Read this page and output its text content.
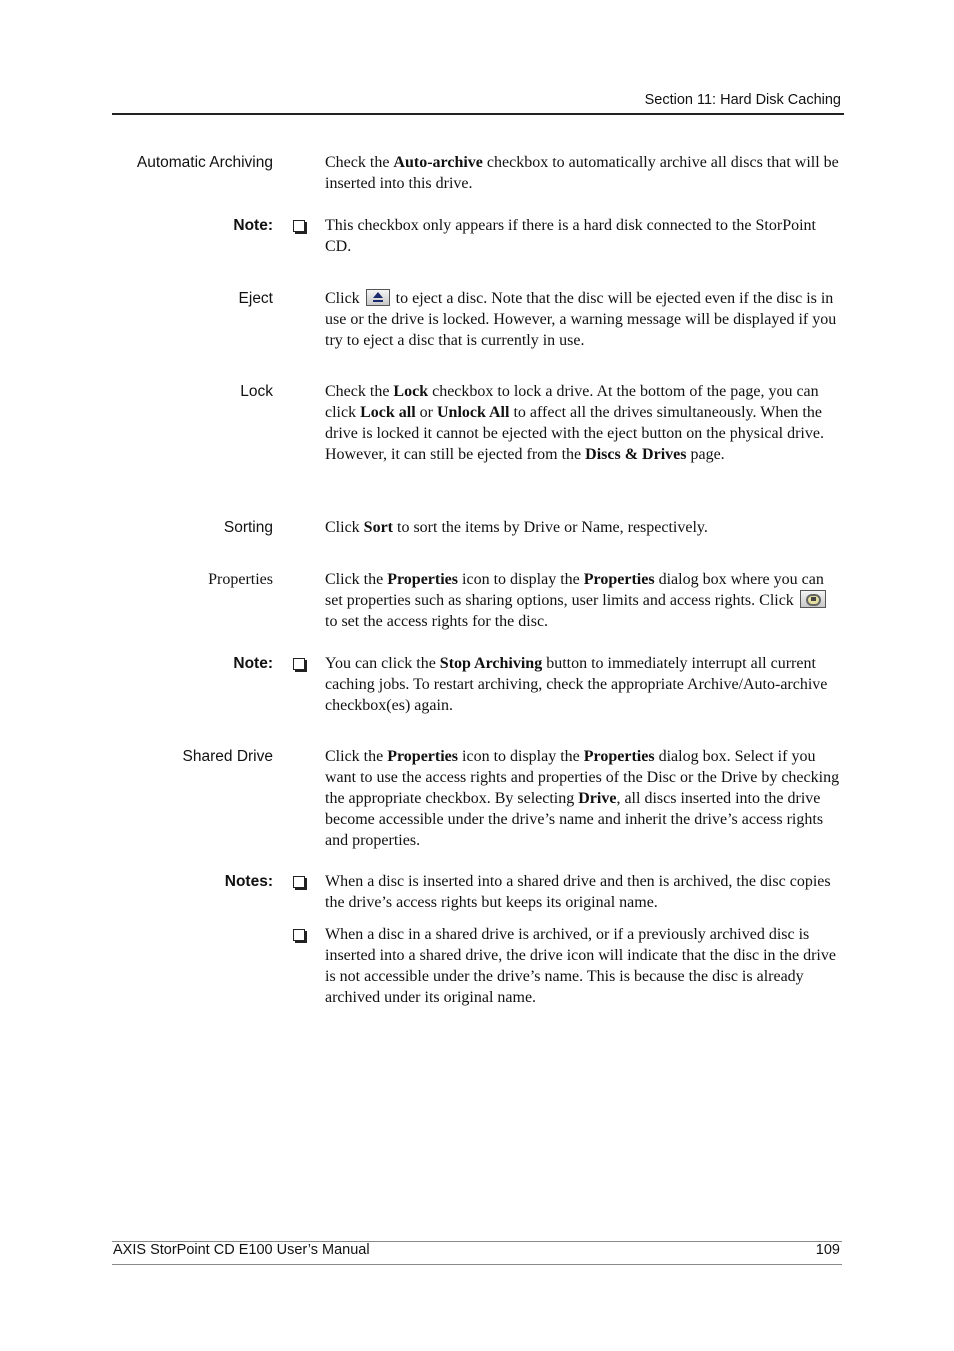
Section 11: Hard Disk Caching
Automatic Archiving	Check the Auto-archive checkbox to automatically archive all discs that will be inserted into this drive.
Note:	This checkbox only appears if there is a hard disk connected to the StorPoint CD.
Eject	Click  to eject a disc. Note that the disc will be ejected even if the disc is in use or the drive is locked. However, a warning message will be displayed if you try to eject a disc that is currently in use.
Lock	Check the Lock checkbox to lock a drive. At the bottom of the page, you can click Lock all or Unlock All to affect all the drives simultaneously. When the drive is locked it cannot be ejected with the eject button on the physical drive. However, it can still be ejected from the Discs & Drives page.
Sorting	Click Sort to sort the items by Drive or Name, respectively.
Properties	Click the Properties icon to display the Properties dialog box where you can set properties such as sharing options, user limits and access rights. Click  to set the access rights for the disc.
Note:	You can click the Stop Archiving button to immediately interrupt all current caching jobs. To restart archiving, check the appropriate Archive/Auto-archive checkbox(es) again.
Shared Drive	Click the Properties icon to display the Properties dialog box. Select if you want to use the access rights and properties of the Disc or the Drive by checking the appropriate checkbox. By selecting Drive, all discs inserted into the drive become accessible under the drive’s name and inherit the drive’s access rights and properties.
Notes:	When a disc is inserted into a shared drive and then is archived, the disc copies the drive’s access rights but keeps its original name.
When a disc in a shared drive is archived, or if a previously archived disc is inserted into a shared drive, the drive icon will indicate that the disc in the drive is not accessible under the drive’s name. This is because the disc is already archived under its original name.
AXIS StorPoint CD E100 User’s Manual	109
